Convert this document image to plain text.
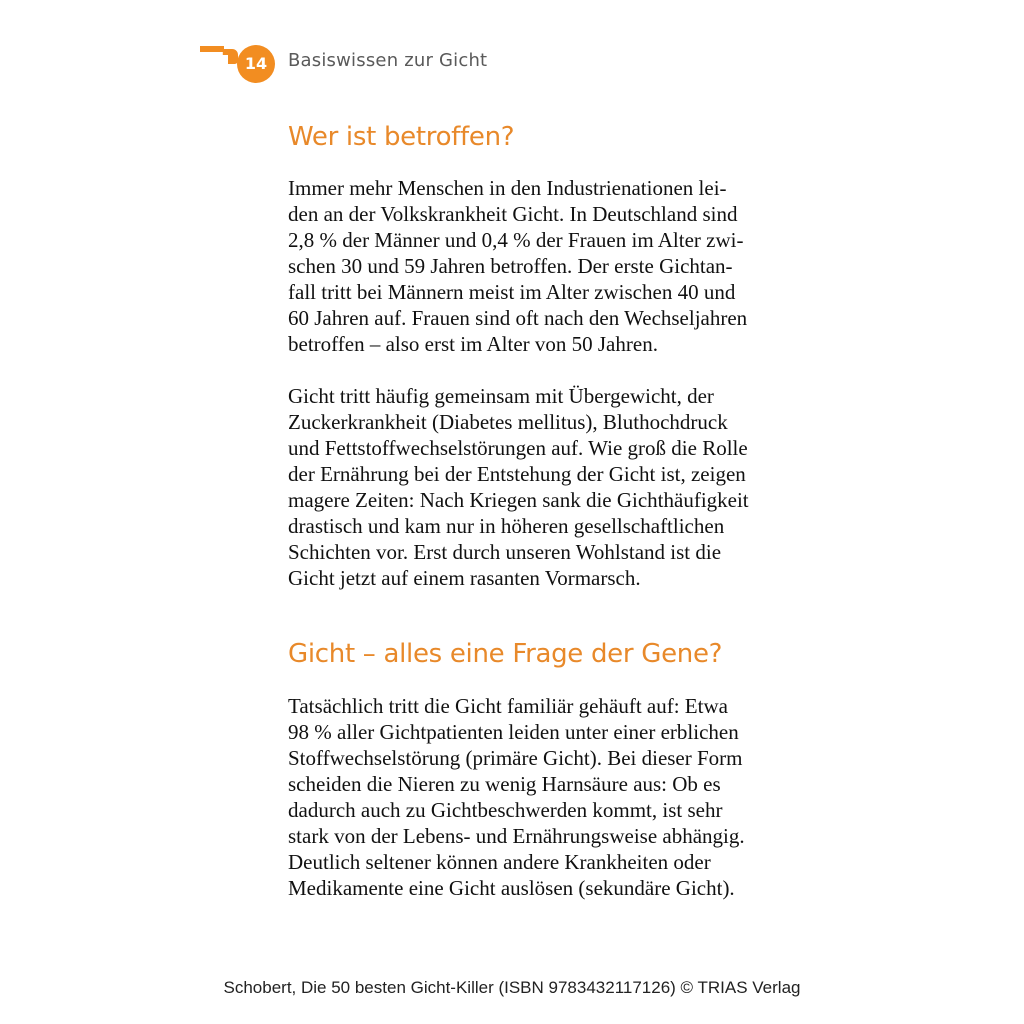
14	Basiswissen zur Gicht
Wer ist betroffen?

Immer mehr Menschen in den Industrienationen lei-
den an der Volkskrankheit Gicht. In Deutschland sind
2,8 % der Männer und 0,4 % der Frauen im Alter zwi-
schen 30 und 59 Jahren betroffen. Der erste Gichtan-
fall tritt bei Männern meist im Alter zwischen 40 und
60 Jahren auf. Frauen sind oft nach den Wechseljahren
betroffen – also erst im Alter von 50 Jahren.

Gicht tritt häufig gemeinsam mit Übergewicht, der
Zuckerkrankheit (Diabetes mellitus), Bluthochdruck
und Fettstoffwechselstörungen auf. Wie groß die Rolle
der Ernährung bei der Entstehung der Gicht ist, zeigen
magere Zeiten: Nach Kriegen sank die Gichthäufigkeit
drastisch und kam nur in höheren gesellschaftlichen
Schichten vor. Erst durch unseren Wohlstand ist die
Gicht jetzt auf einem rasanten Vormarsch.

Gicht – alles eine Frage der Gene?

Tatsächlich tritt die Gicht familiär gehäuft auf: Etwa
98 % aller Gichtpatienten leiden unter einer erblichen
Stoffwechselstörung (primäre Gicht). Bei dieser Form
scheiden die Nieren zu wenig Harnsäure aus: Ob es
dadurch auch zu Gichtbeschwerden kommt, ist sehr
stark von der Lebens- und Ernährungsweise abhängig.
Deutlich seltener können andere Krankheiten oder
Medikamente eine Gicht auslösen (sekundäre Gicht).

Schobert, Die 50 besten Gicht-Killer (ISBN 9783432117126) © TRIAS Verlag
